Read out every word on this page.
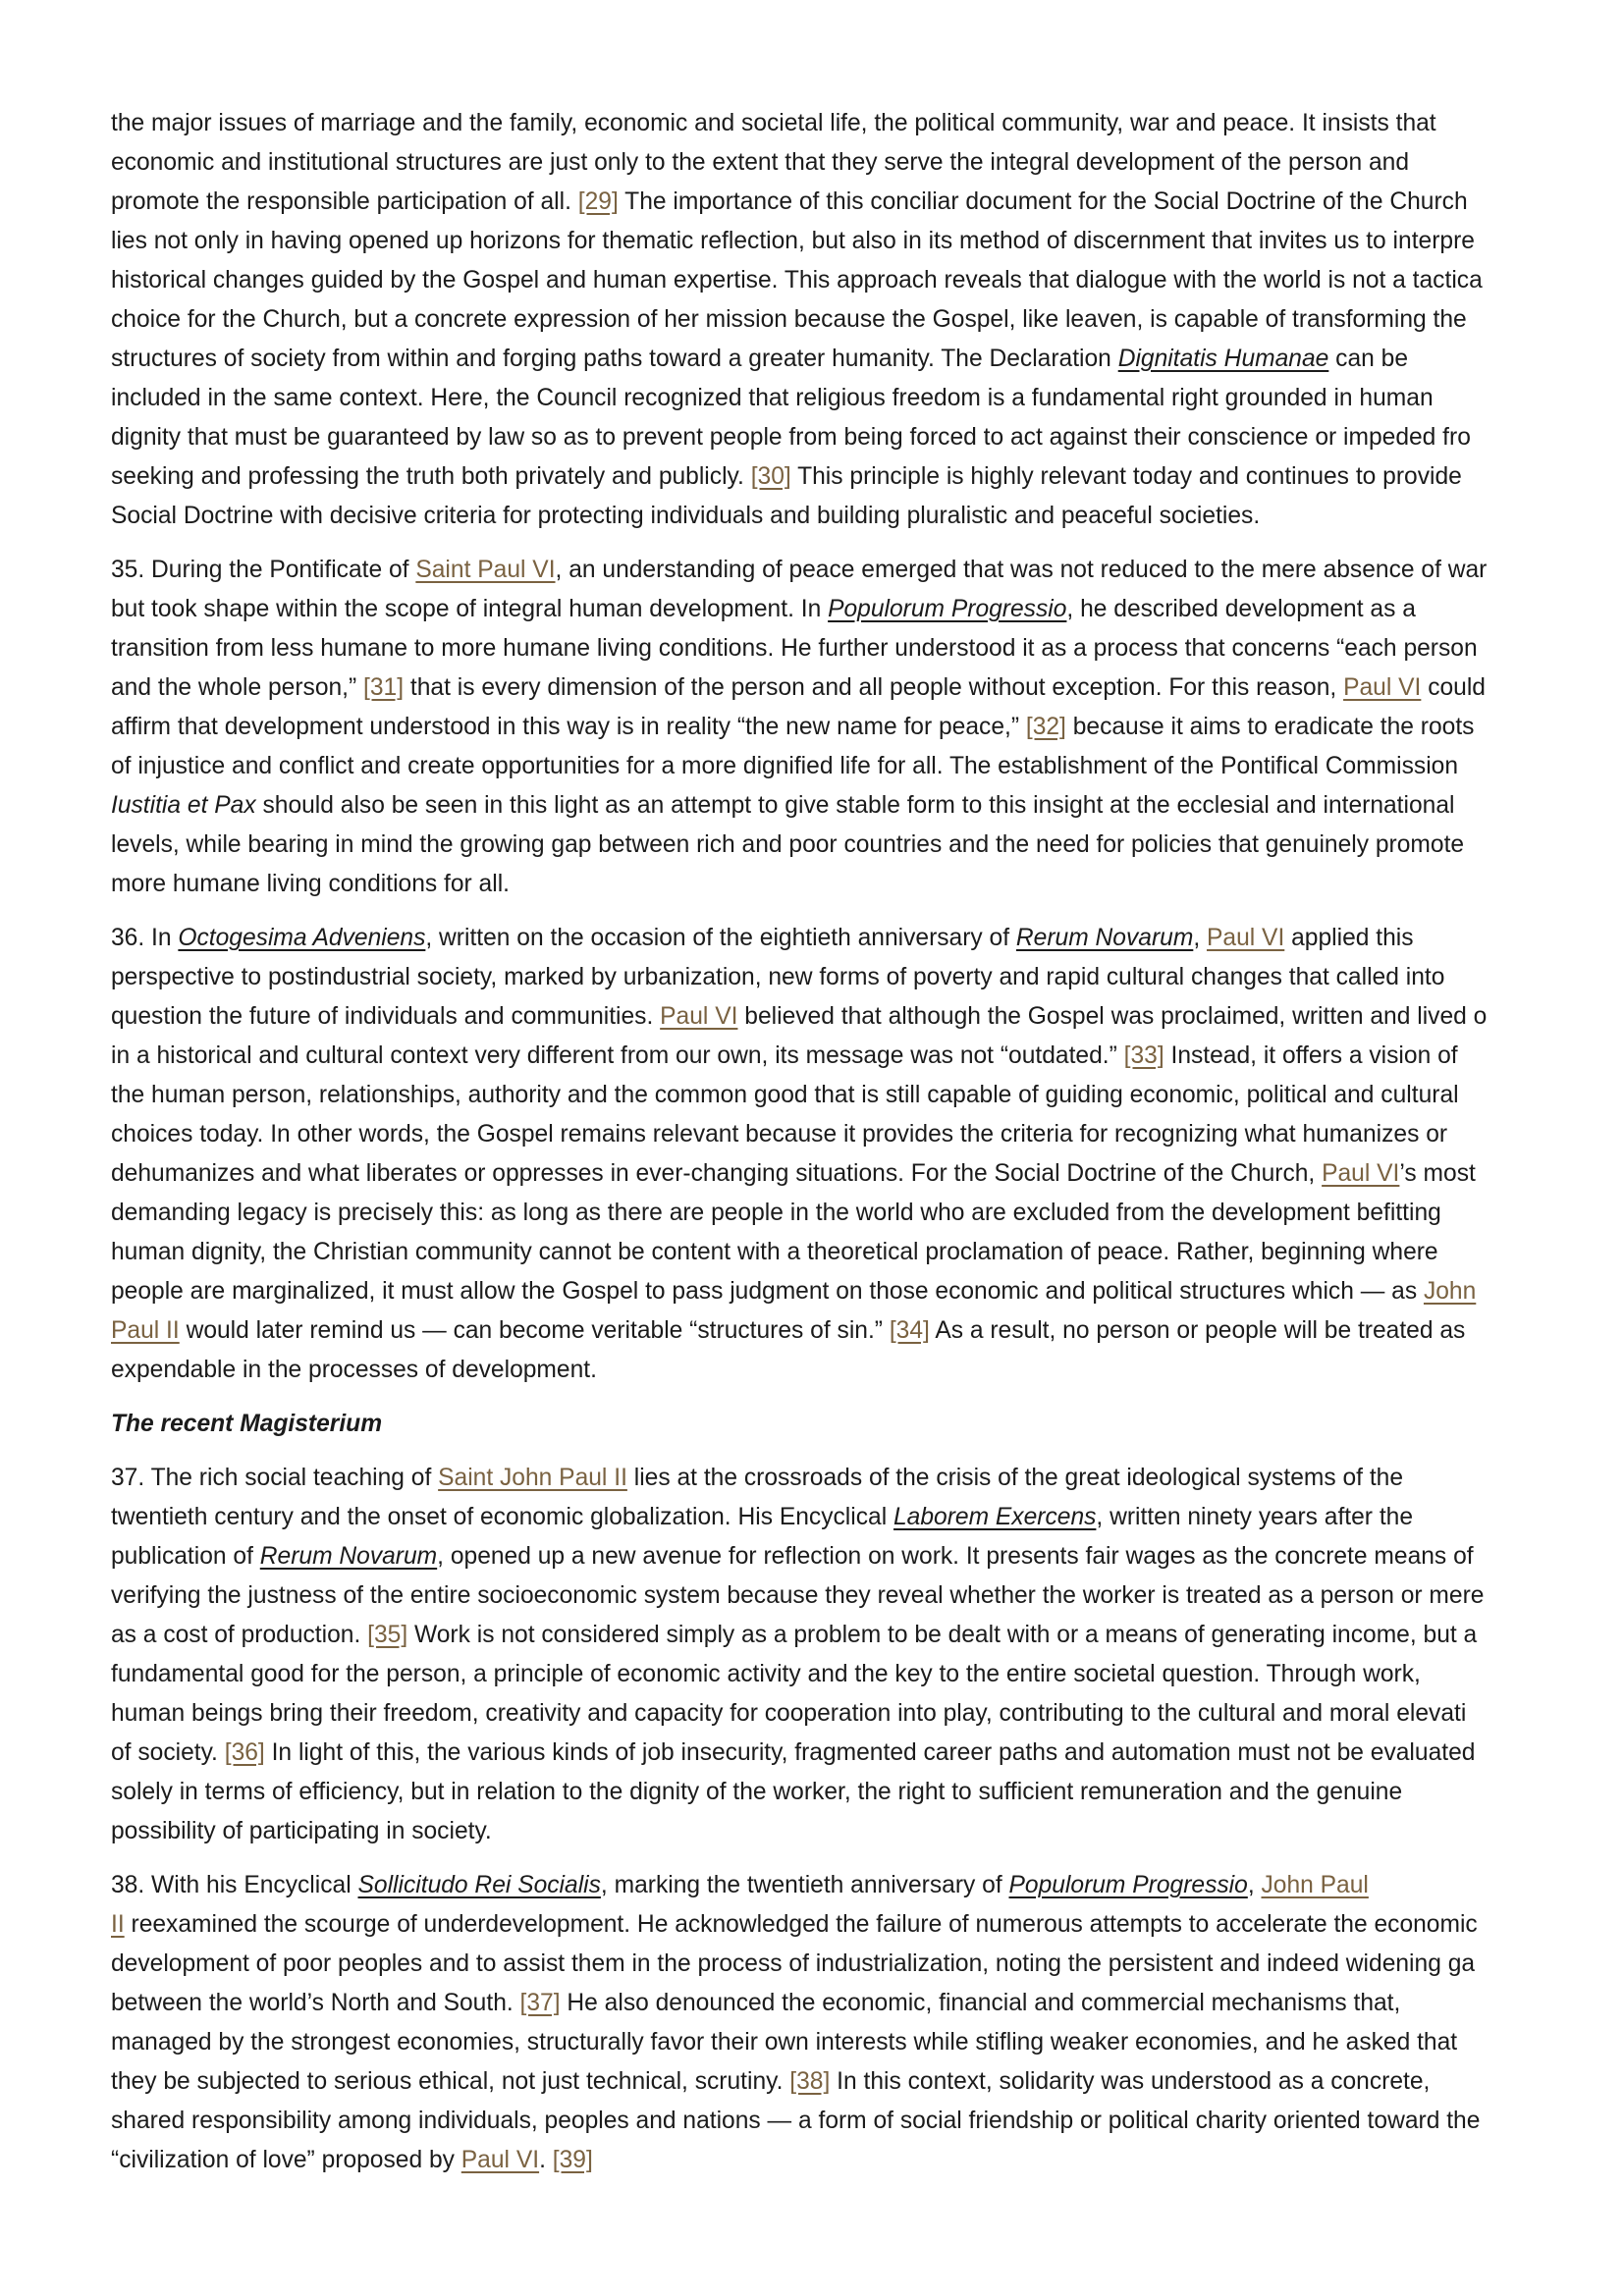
the major issues of marriage and the family, economic and societal life, the political community, war and peace. It insists that
economic and institutional structures are just only to the extent that they serve the integral development of the person and
promote the responsible participation of all. [29] The importance of this conciliar document for the Social Doctrine of the Church
lies not only in having opened up horizons for thematic reflection, but also in its method of discernment that invites us to interpre
historical changes guided by the Gospel and human expertise. This approach reveals that dialogue with the world is not a tactica
choice for the Church, but a concrete expression of her mission because the Gospel, like leaven, is capable of transforming the
structures of society from within and forging paths toward a greater humanity. The Declaration Dignitatis Humanae can be
included in the same context. Here, the Council recognized that religious freedom is a fundamental right grounded in human
dignity that must be guaranteed by law so as to prevent people from being forced to act against their conscience or impeded fro
seeking and professing the truth both privately and publicly. [30] This principle is highly relevant today and continues to provide
Social Doctrine with decisive criteria for protecting individuals and building pluralistic and peaceful societies.
35. During the Pontificate of Saint Paul VI, an understanding of peace emerged that was not reduced to the mere absence of war
but took shape within the scope of integral human development. In Populorum Progressio, he described development as a
transition from less humane to more humane living conditions. He further understood it as a process that concerns “each person
and the whole person,” [31] that is every dimension of the person and all people without exception. For this reason, Paul VI could
affirm that development understood in this way is in reality “the new name for peace,” [32] because it aims to eradicate the roots
of injustice and conflict and create opportunities for a more dignified life for all. The establishment of the Pontifical Commission
Iustitia et Pax should also be seen in this light as an attempt to give stable form to this insight at the ecclesial and international
levels, while bearing in mind the growing gap between rich and poor countries and the need for policies that genuinely promote
more humane living conditions for all.
36. In Octogesima Adveniens, written on the occasion of the eightieth anniversary of Rerum Novarum, Paul VI applied this
perspective to postindustrial society, marked by urbanization, new forms of poverty and rapid cultural changes that called into
question the future of individuals and communities. Paul VI believed that although the Gospel was proclaimed, written and lived o
in a historical and cultural context very different from our own, its message was not “outdated.” [33] Instead, it offers a vision of
the human person, relationships, authority and the common good that is still capable of guiding economic, political and cultural
choices today. In other words, the Gospel remains relevant because it provides the criteria for recognizing what humanizes or
dehumanizes and what liberates or oppresses in ever-changing situations. For the Social Doctrine of the Church, Paul VI’s most
demanding legacy is precisely this: as long as there are people in the world who are excluded from the development befitting
human dignity, the Christian community cannot be content with a theoretical proclamation of peace. Rather, beginning where
people are marginalized, it must allow the Gospel to pass judgment on those economic and political structures which — as John
Paul II would later remind us — can become veritable “structures of sin.” [34] As a result, no person or people will be treated as
expendable in the processes of development.
The recent Magisterium
37. The rich social teaching of Saint John Paul II lies at the crossroads of the crisis of the great ideological systems of the
twentieth century and the onset of economic globalization. His Encyclical Laborem Exercens, written ninety years after the
publication of Rerum Novarum, opened up a new avenue for reflection on work. It presents fair wages as the concrete means of
verifying the justness of the entire socioeconomic system because they reveal whether the worker is treated as a person or mere
as a cost of production. [35] Work is not considered simply as a problem to be dealt with or a means of generating income, but a
fundamental good for the person, a principle of economic activity and the key to the entire societal question. Through work,
human beings bring their freedom, creativity and capacity for cooperation into play, contributing to the cultural and moral elevati
of society. [36] In light of this, the various kinds of job insecurity, fragmented career paths and automation must not be evaluated
solely in terms of efficiency, but in relation to the dignity of the worker, the right to sufficient remuneration and the genuine
possibility of participating in society.
38. With his Encyclical Sollicitudo Rei Socialis, marking the twentieth anniversary of Populorum Progressio, John Paul
II reexamined the scourge of underdevelopment. He acknowledged the failure of numerous attempts to accelerate the economic
development of poor peoples and to assist them in the process of industrialization, noting the persistent and indeed widening ga
between the world’s North and South. [37] He also denounced the economic, financial and commercial mechanisms that,
managed by the strongest economies, structurally favor their own interests while stifling weaker economies, and he asked that
they be subjected to serious ethical, not just technical, scrutiny. [38] In this context, solidarity was understood as a concrete,
shared responsibility among individuals, peoples and nations — a form of social friendship or political charity oriented toward the
“civilization of love” proposed by Paul VI. [39]
